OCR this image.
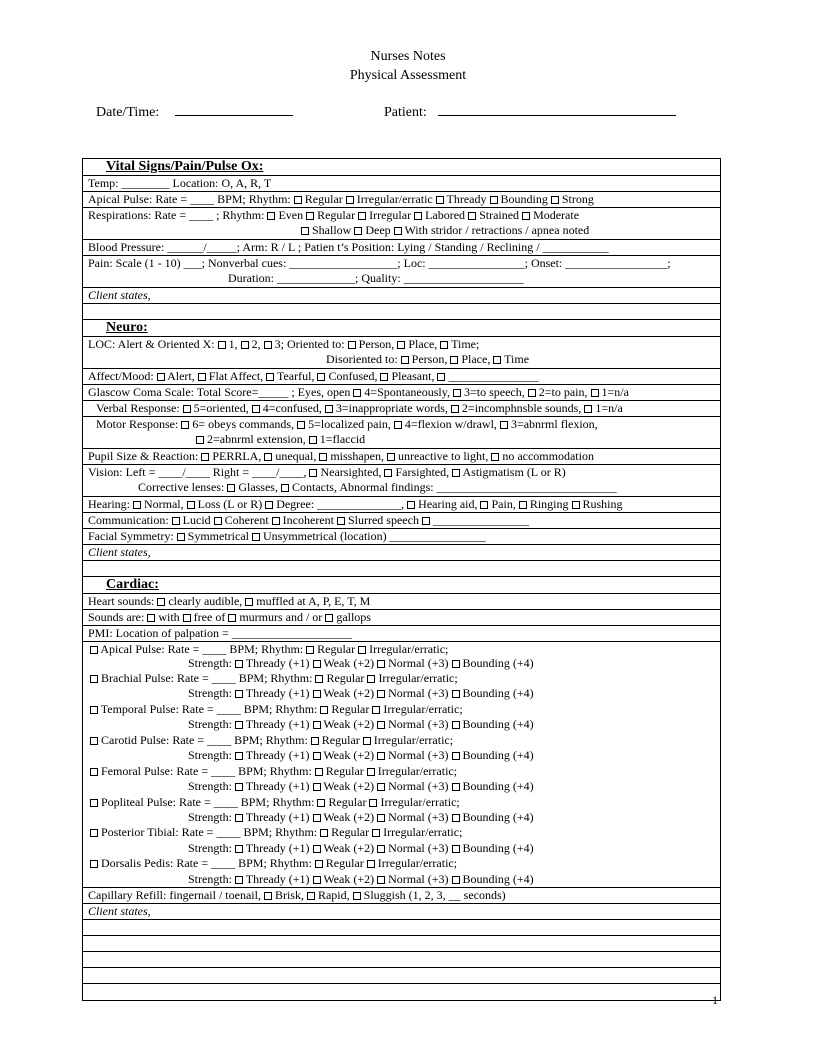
Nurses Notes
Physical Assessment
Date/Time:	Patient:
Vital Signs/Pain/Pulse Ox:
Temp: ________ Location: O, A, R, T
Apical Pulse: Rate = ____ BPM; Rhythm:  Regular  Irregular/erratic  Thready  Bounding  Strong
Respirations: Rate = ____ ; Rhythm:  Even  Regular  Irregular  Labored  Strained  Moderate
Shallow  Deep  With stridor / retractions / apnea noted
Blood Pressure: ______/_____; Arm: R / L ; Patien t’s Position: Lying / Standing / Reclining / ___________
Pain: Scale (1 - 10) ___; Nonverbal cues: __________________; Loc: ________________; Onset: _________________;
Duration: _____________; Quality: ____________________
Client states,
Neuro:
LOC: Alert & Oriented X:  1,  2,  3; Oriented to:  Person,  Place,  Time;
Disoriented to:  Person,  Place,  Time
Affect/Mood:  Alert,  Flat Affect,  Tearful,  Confused,  Pleasant,  _______________
Glascow Coma Scale: Total Score=_____ ; Eyes, open  4=Spontaneously,  3=to speech,  2=to pain,  1=n/a
Verbal Response:  5=oriented,  4=confused,  3=inappropriate words,  2=incomphnsble sounds,  1=n/a
Motor Response:  6= obeys commands,  5=localized pain,  4=flexion w/drawl,  3=abnrml flexion,
2=abnrml extension,  1=flaccid
Pupil Size & Reaction:  PERRLA,  unequal,  misshapen,  unreactive to light,  no accommodation
Vision: Left = ____/____ Right = ____/____,  Nearsighted,  Farsighted,  Astigmatism (L or R)
Corrective lenses:  Glasses,  Contacts, Abnormal findings: ______________________________
Hearing:  Normal,  Loss (L or R)  Degree: ______________,  Hearing aid,  Pain,  Ringing  Rushing
Communication:  Lucid  Coherent  Incoherent  Slurred speech  ________________
Facial Symmetry:  Symmetrical  Unsymmetrical (location) ________________
Client states,
Cardiac:
Heart sounds:  clearly audible,  muffled at A, P, E, T, M
Sounds are:  with  free of  murmurs and / or  gallops
PMI: Location of palpation = ____________________
Apical Pulse: Rate = ____ BPM; Rhythm:  Regular  Irregular/erratic;
Strength:  Thready (+1)  Weak (+2)  Normal (+3)  Bounding (+4)
Brachial Pulse: Rate = ____ BPM; Rhythm:  Regular  Irregular/erratic;
Strength:  Thready (+1)  Weak (+2)  Normal (+3)  Bounding (+4)
Temporal Pulse: Rate = ____ BPM; Rhythm:  Regular  Irregular/erratic;
Strength:  Thready (+1)  Weak (+2)  Normal (+3)  Bounding (+4)
Carotid Pulse: Rate = ____ BPM; Rhythm:  Regular  Irregular/erratic;
Strength:  Thready (+1)  Weak (+2)  Normal (+3)  Bounding (+4)
Femoral Pulse: Rate = ____ BPM; Rhythm:  Regular  Irregular/erratic;
Strength:  Thready (+1)  Weak (+2)  Normal (+3)  Bounding (+4)
Popliteal Pulse: Rate = ____ BPM; Rhythm:  Regular  Irregular/erratic;
Strength:  Thready (+1)  Weak (+2)  Normal (+3)  Bounding (+4)
Posterior Tibial: Rate = ____ BPM; Rhythm:  Regular  Irregular/erratic;
Strength:  Thready (+1)  Weak (+2)  Normal (+3)  Bounding (+4)
Dorsalis Pedis: Rate = ____ BPM; Rhythm:  Regular  Irregular/erratic;
Strength:  Thready (+1)  Weak (+2)  Normal (+3)  Bounding (+4)
Capillary Refill: fingernail / toenail,  Brisk,  Rapid,  Sluggish (1, 2, 3, __ seconds)
Client states,
1
